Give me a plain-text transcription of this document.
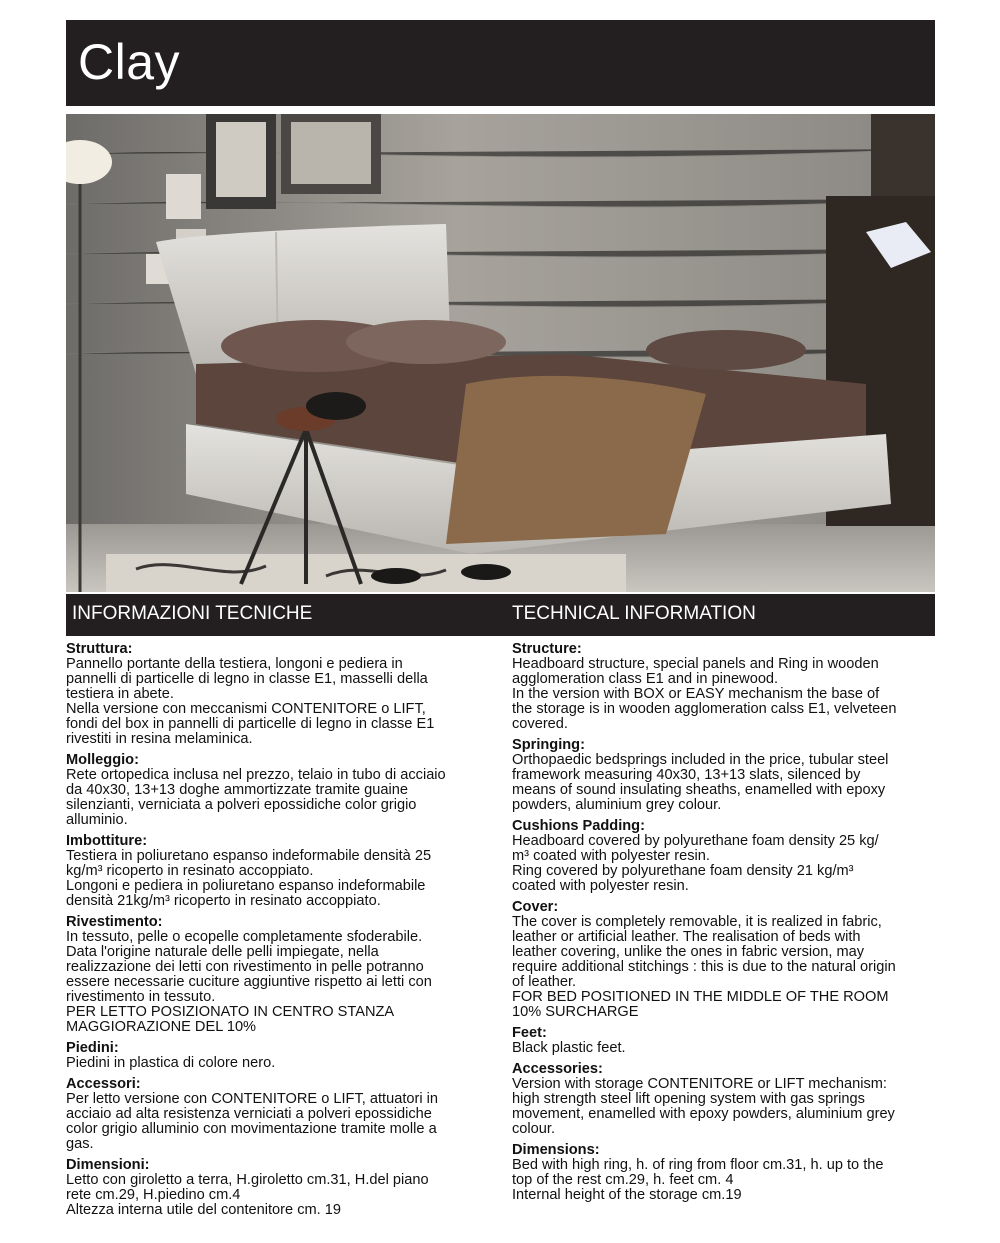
Clay
INFORMAZIONI TECNICHE	TECHNICAL INFORMATION
Struttura:
Pannello portante della testiera, longoni e pediera in
pannelli di particelle di legno in classe E1, masselli della
testiera in abete.
Nella versione con meccanismi CONTENITORE o LIFT,
fondi del box in pannelli di particelle di legno in classe E1
rivestiti in resina melaminica.
Molleggio:
Rete ortopedica inclusa nel prezzo, telaio in tubo di acciaio
da 40x30, 13+13 doghe ammortizzate tramite guaine
silenzianti, verniciata a polveri epossidiche color grigio
alluminio.
Imbottiture:
Testiera in poliuretano espanso indeformabile densità 25
kg/m³ ricoperto in resinato accoppiato.
Longoni e pediera in poliuretano espanso indeformabile
densità 21kg/m³ ricoperto in resinato accoppiato.
Rivestimento:
In tessuto, pelle o ecopelle completamente sfoderabile.
Data l'origine naturale delle pelli impiegate, nella
realizzazione dei letti con rivestimento in pelle potranno
essere necessarie cuciture aggiuntive rispetto ai letti con
rivestimento in tessuto.
PER LETTO POSIZIONATO IN CENTRO STANZA
MAGGIORAZIONE DEL 10%
Piedini:
Piedini in plastica di colore nero.
Accessori:
Per letto versione con CONTENITORE o LIFT, attuatori in
acciaio ad alta resistenza verniciati a polveri epossidiche
color grigio alluminio con movimentazione tramite molle a
gas.
Dimensioni:
Letto con giroletto a terra, H.giroletto cm.31, H.del piano
rete cm.29, H.piedino cm.4
Altezza interna utile del contenitore cm. 19
Structure:
Headboard structure, special panels and Ring in wooden
agglomeration class E1 and in pinewood.
In the version with BOX or EASY mechanism the base of
the storage is in wooden agglomeration calss E1, velveteen
covered.
Springing:
Orthopaedic bedsprings included in the price, tubular steel
framework measuring 40x30, 13+13 slats, silenced by
means of sound insulating sheaths, enamelled with epoxy
powders, aluminium grey colour.
Cushions Padding:
Headboard covered by polyurethane foam density 25 kg/
m³ coated with polyester resin.
Ring covered by polyurethane foam density 21 kg/m³
coated with polyester resin.
Cover:
The cover is completely removable, it is realized in fabric,
leather or artificial leather. The realisation of beds with
leather covering, unlike the ones in fabric version, may
require additional stitchings : this is due to the natural origin
of leather.
FOR BED POSITIONED IN THE MIDDLE OF THE ROOM
10% SURCHARGE
Feet:
Black plastic feet.
Accessories:
Version with storage CONTENITORE or LIFT mechanism:
high strength steel lift opening system with gas springs
movement, enamelled with epoxy powders, aluminium grey
colour.
Dimensions:
Bed with high ring, h. of ring from floor cm.31, h. up to the
top of the rest cm.29, h. feet cm. 4
Internal height of the storage cm.19
